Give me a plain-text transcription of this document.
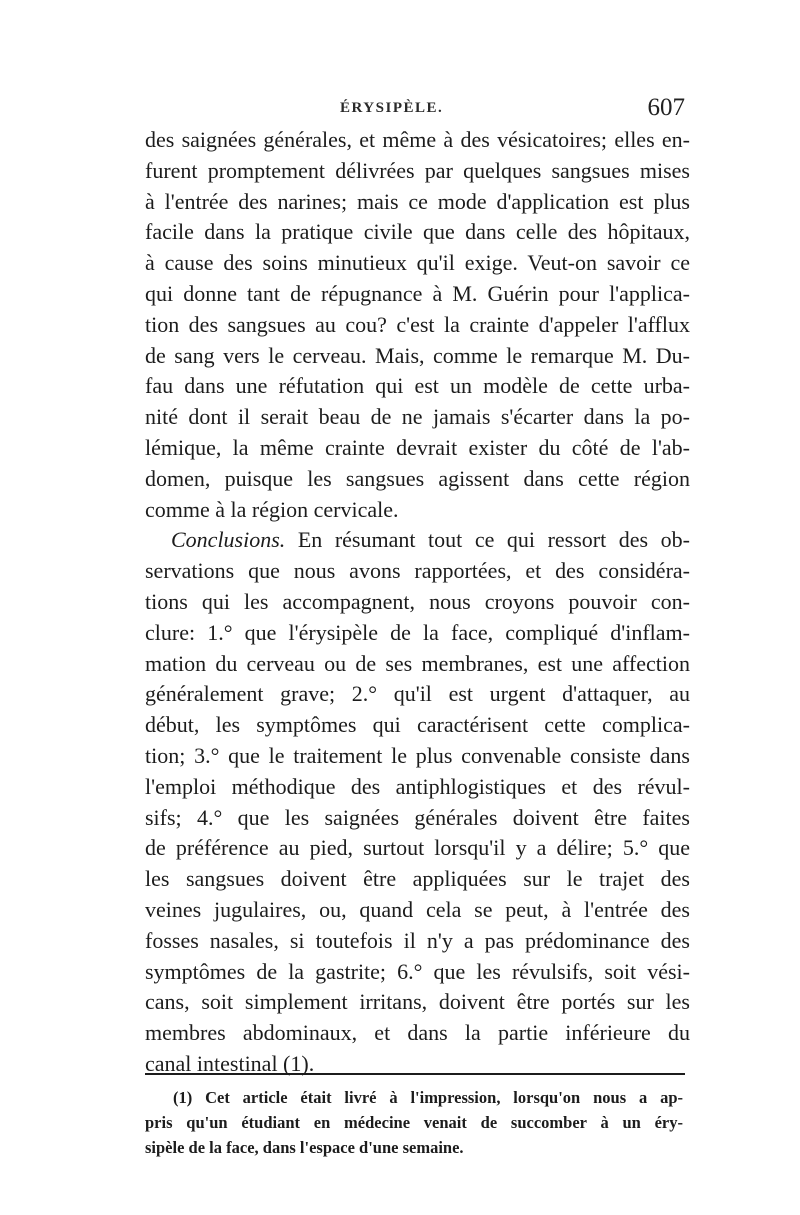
ÉRYSIPÈLE.	607
des saignées générales, et même à des vésicatoires; elles en-
furent promptement délivrées par quelques sangsues mises
à l'entrée des narines; mais ce mode d'application est plus
facile dans la pratique civile que dans celle des hôpitaux,
à cause des soins minutieux qu'il exige. Veut-on savoir ce
qui donne tant de répugnance à M. Guérin pour l'applica-
tion des sangsues au cou? c'est la crainte d'appeler l'afflux
de sang vers le cerveau. Mais, comme le remarque M. Du-
fau dans une réfutation qui est un modèle de cette urba-
nité dont il serait beau de ne jamais s'écarter dans la po-
lémique, la même crainte devrait exister du côté de l'ab-
domen, puisque les sangsues agissent dans cette région
comme à la région cervicale.
Conclusions. En résumant tout ce qui ressort des ob-
servations que nous avons rapportées, et des considéra-
tions qui les accompagnent, nous croyons pouvoir con-
clure: 1.° que l'érysipèle de la face, compliqué d'inflam-
mation du cerveau ou de ses membranes, est une affection
généralement grave; 2.° qu'il est urgent d'attaquer, au
début, les symptômes qui caractérisent cette complica-
tion; 3.° que le traitement le plus convenable consiste dans
l'emploi méthodique des antiphlogistiques et des révul-
sifs; 4.° que les saignées générales doivent être faites
de préférence au pied, surtout lorsqu'il y a délire; 5.° que
les sangsues doivent être appliquées sur le trajet des
veines jugulaires, ou, quand cela se peut, à l'entrée des
fosses nasales, si toutefois il n'y a pas prédominance des
symptômes de la gastrite; 6.° que les révulsifs, soit vési-
cans, soit simplement irritans, doivent être portés sur les
membres abdominaux, et dans la partie inférieure du
canal intestinal (1).
(1) Cet article était livré à l'impression, lorsqu'on nous a ap-
pris qu'un étudiant en médecine venait de succomber à un éry-
sipèle de la face, dans l'espace d'une semaine.
